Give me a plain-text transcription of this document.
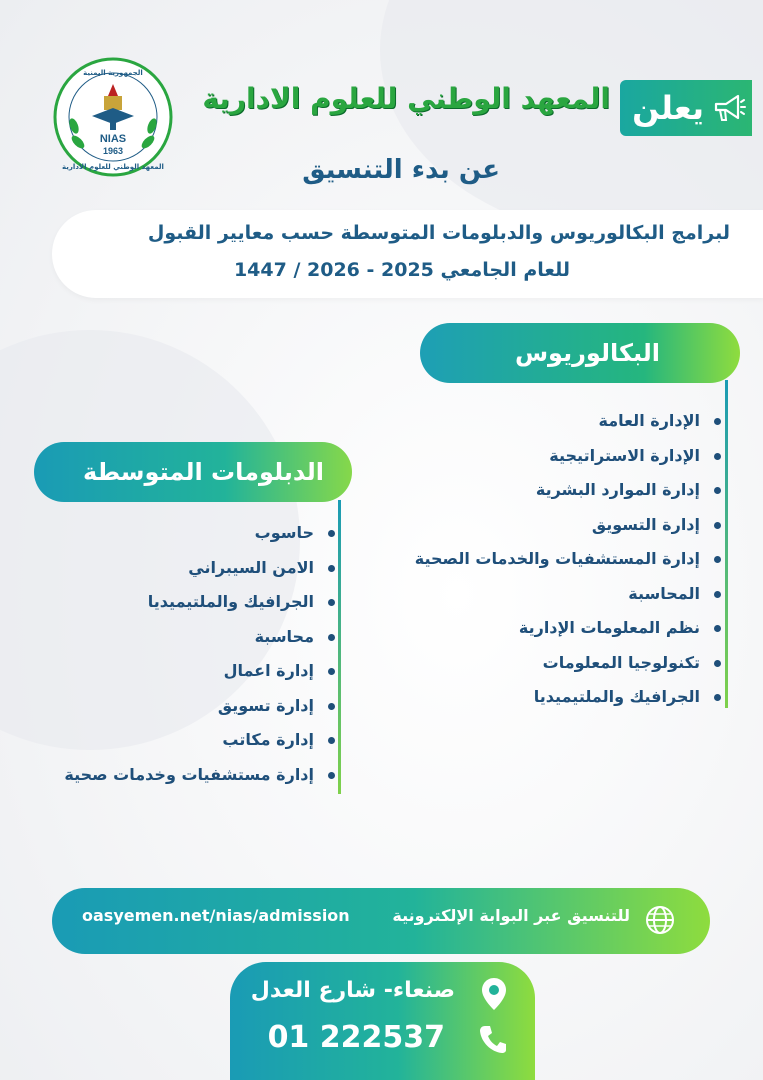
NIAS
1963
الجمهورية اليمنية
المعهد الوطني للعلوم الادارية
يعلن
المعهد الوطني للعلوم الادارية
عن بدء التنسيق
لبرامج البكالوريوس والدبلومات المتوسطة حسب معايير القبول
للعام الجامعي 2025 - 2026 / 1447
البكالوريوس
الإدارة العامة
الإدارة الاستراتيجية
إدارة الموارد البشرية
إدارة التسويق
إدارة المستشفيات والخدمات الصحية
المحاسبة
نظم المعلومات الإدارية
تكنولوجيا المعلومات
الجرافيك والملتيميديا
الدبلومات المتوسطة
حاسوب
الامن السيبراني
الجرافيك والملتيميديا
محاسبة
إدارة اعمال
إدارة تسويق
إدارة مكاتب
إدارة مستشفيات وخدمات صحية
للتنسيق عبر البوابة الإلكترونية
oasyemen.net/nias/admission
صنعاء- شارع العدل
01 222537
